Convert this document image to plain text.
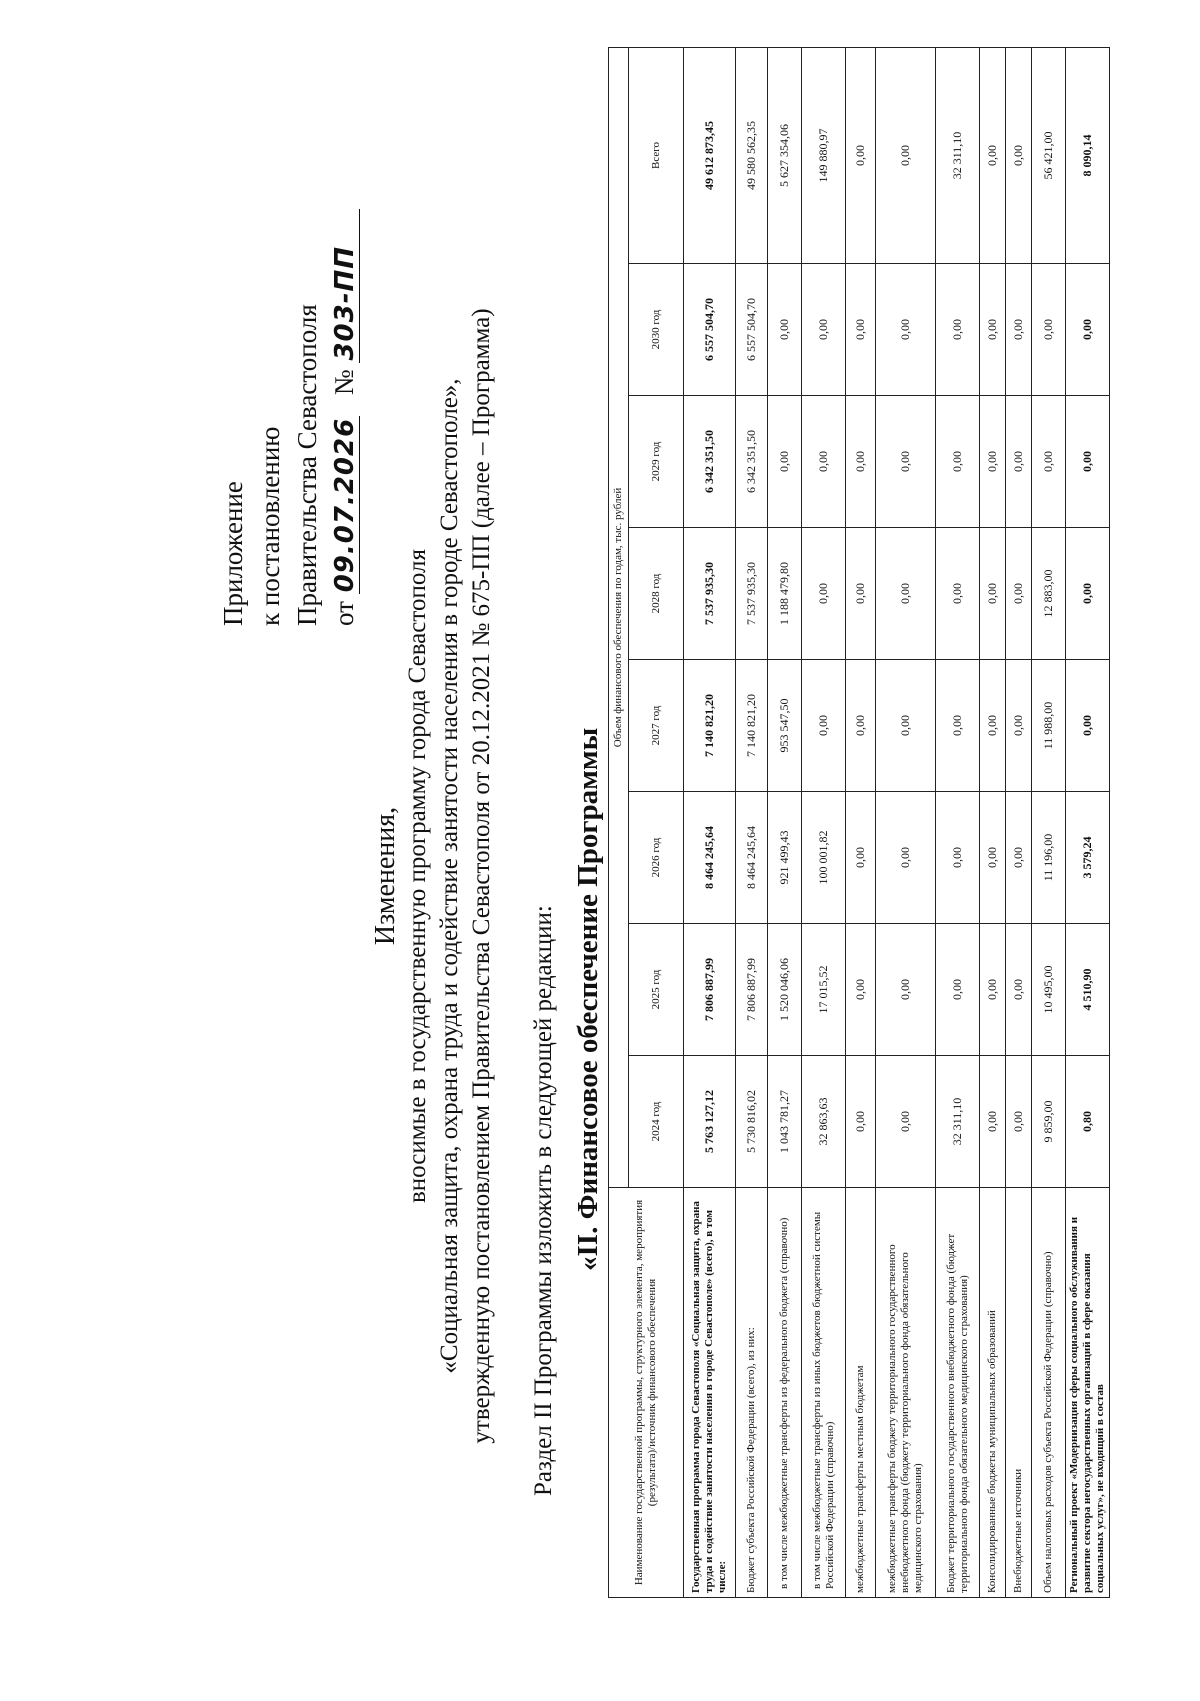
Приложение к постановлению Правительства Севастополя от 09.07.2026 № 303-ПП
Изменения, вносимые в государственную программу города Севастополя «Социальная защита, охрана труда и содействие занятости населения в городе Севастополе», утвержденную постановлением Правительства Севастополя от 20.12.2021 № 675-ПП (далее – Программа) Раздел II Программы изложить в следующей редакции: «II. Финансовое обеспечение Программы
Наименование государственной программы, структурного элемента, мероприятия (результата)/источник финансового обеспечения	Объем финансового обеспечения по годам, тыс. рублей							
	2024 год	2025 год	2026 год	2027 год	2028 год	2029 год	2030 год	Всего
Государственная программа города Севастополя «Социальная защита, охрана труда и содействие занятости населения в городе Севастополе» (всего), в том числе:	5 763 127,12	7 806 887,99	8 464 245,64	7 140 821,20	7 537 935,30	6 342 351,50	6 557 504,70	49 612 873,45
Бюджет субъекта Российской Федерации (всего), из них:	5 730 816,02	7 806 887,99	8 464 245,64	7 140 821,20	7 537 935,30	6 342 351,50	6 557 504,70	49 580 562,35
в том числе межбюджетные трансферты из федерального бюджета (справочно)	1 043 781,27	1 520 046,06	921 499,43	953 547,50	1 188 479,80	0,00	0,00	5 627 354,06
в том числе межбюджетные трансферты из иных бюджетов бюджетной системы Российской Федерации (справочно)	32 863,63	17 015,52	100 001,82	0,00	0,00	0,00	0,00	149 880,97
межбюджетные трансферты местным бюджетам	0,00	0,00	0,00	0,00	0,00	0,00	0,00	0,00
межбюджетные трансферты бюджету территориального государственного внебюджетного фонда (бюджету территориального фонда обязательного медицинского страхования)	0,00	0,00	0,00	0,00	0,00	0,00	0,00	0,00
Бюджет территориального государственного внебюджетного фонда (бюджет территориального фонда обязательного медицинского страхования)	32 311,10	0,00	0,00	0,00	0,00	0,00	0,00	32 311,10
Консолидированные бюджеты муниципальных образований	0,00	0,00	0,00	0,00	0,00	0,00	0,00	0,00
Внебюджетные источники	0,00	0,00	0,00	0,00	0,00	0,00	0,00	0,00
Объем налоговых расходов субъекта Российской Федерации (справочно)	9 859,00	10 495,00	11 196,00	11 988,00	12 883,00	0,00	0,00	56 421,00
Региональный проект «Модернизация сферы социального обслуживания и развитие сектора негосударственных организаций в сфере оказания социальных услуг», не входящий в состав	0,80	4 510,90	3 579,24	0,00	0,00	0,00	0,00	8 090,14
